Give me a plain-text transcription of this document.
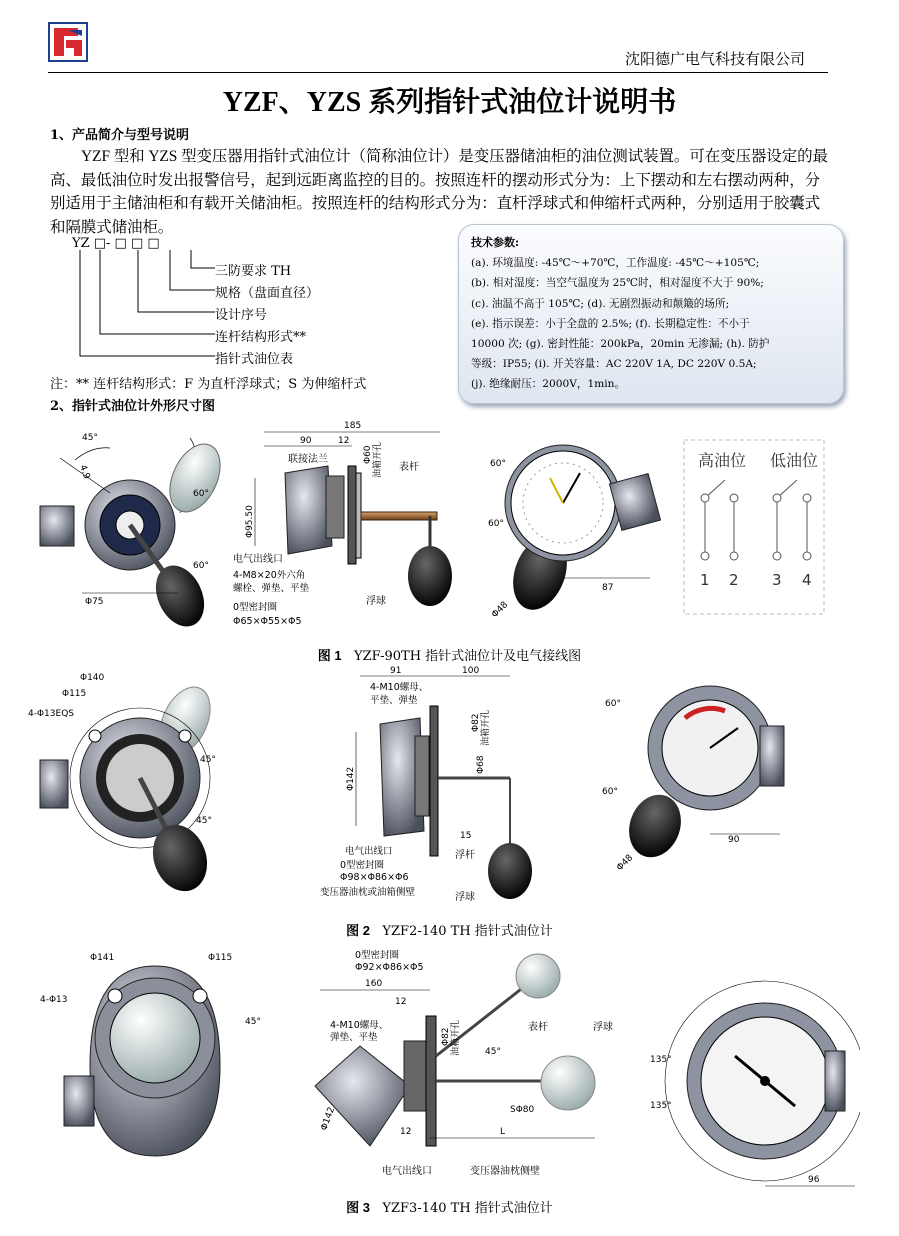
沈阳德广电气科技有限公司
YZF、YZS 系列指针式油位计说明书
1、产品简介与型号说明
YZF 型和 YZS 型变压器用指针式油位计（简称油位计）是变压器储油柜的油位测试装置。可在变压器设定的最高、最低油位时发出报警信号，起到远距离监控的目的。按照连杆的摆动形式分为：上下摆动和左右摆动两种，分别适用于主储油柜和有载开关储油柜。按照连杆的结构形式分为：直杆浮球式和伸缩杆式两种，分别适用于胶囊式和隔膜式储油柜。
YZ □- □ □ □
三防要求 TH
规格（盘面直径）
设计序号
连杆结构形式**
指针式油位表
注：** 连杆结构形式：F 为直杆浮球式；S 为伸缩杆式
技术参数:
(a). 环境温度: -45℃～+70℃，工作温度: -45℃～+105℃;
(b). 相对湿度：当空气温度为 25℃时，相对湿度不大于 90%;
(c). 油温不高于 105℃; (d). 无剧烈振动和颠簸的场所;
(e). 指示误差：小于全盘的 2.5%; (f). 长期稳定性：不小于
10000 次; (g). 密封性能：200kPa，20min 无渗漏; (h). 防护
等级：IP55; (i). 开关容量：AC 220V 1A, DC 220V 0.5A;
(j). 绝缘耐压：2000V，1min。
2、指针式油位计外形尺寸图
45°
4.9
60°
60°
Φ75
185
90	12
Φ60 油箱开孔
Φ95.50
联接法兰
表杆
电气出线口
4-M8×20外六角
螺栓、弹垫、平垫
0型密封圈
Φ65×Φ55×Φ5
浮球
60°
60°
Φ48
87
高油位 低油位
1 2 3 4
图 1 YZF-90TH 指针式油位计及电气接线图
Φ140
Φ115
4-Φ13EQS
45°
45°
91	100
Φ82 油箱开孔
Φ142
Φ68
15
4-M10螺母、
平垫、弹垫
电气出线口
0型密封圈
Φ98×Φ86×Φ6
浮杆
变压器油枕或油箱侧壁	浮球
60°
60°
90
Φ48
图 2 YZF2-140 TH 指针式油位计
Φ141	Φ115
4-Φ13
45°
0型密封圈
Φ92×Φ86×Φ5
160
12
Φ82 油箱开孔	45°
Φ142	SΦ80
12	L
4-M10螺母、
弹垫、平垫
表杆	浮球
电气出线口	变压器油枕侧壁
135°
135°
96
图 3 YZF3-140 TH 指针式油位计
